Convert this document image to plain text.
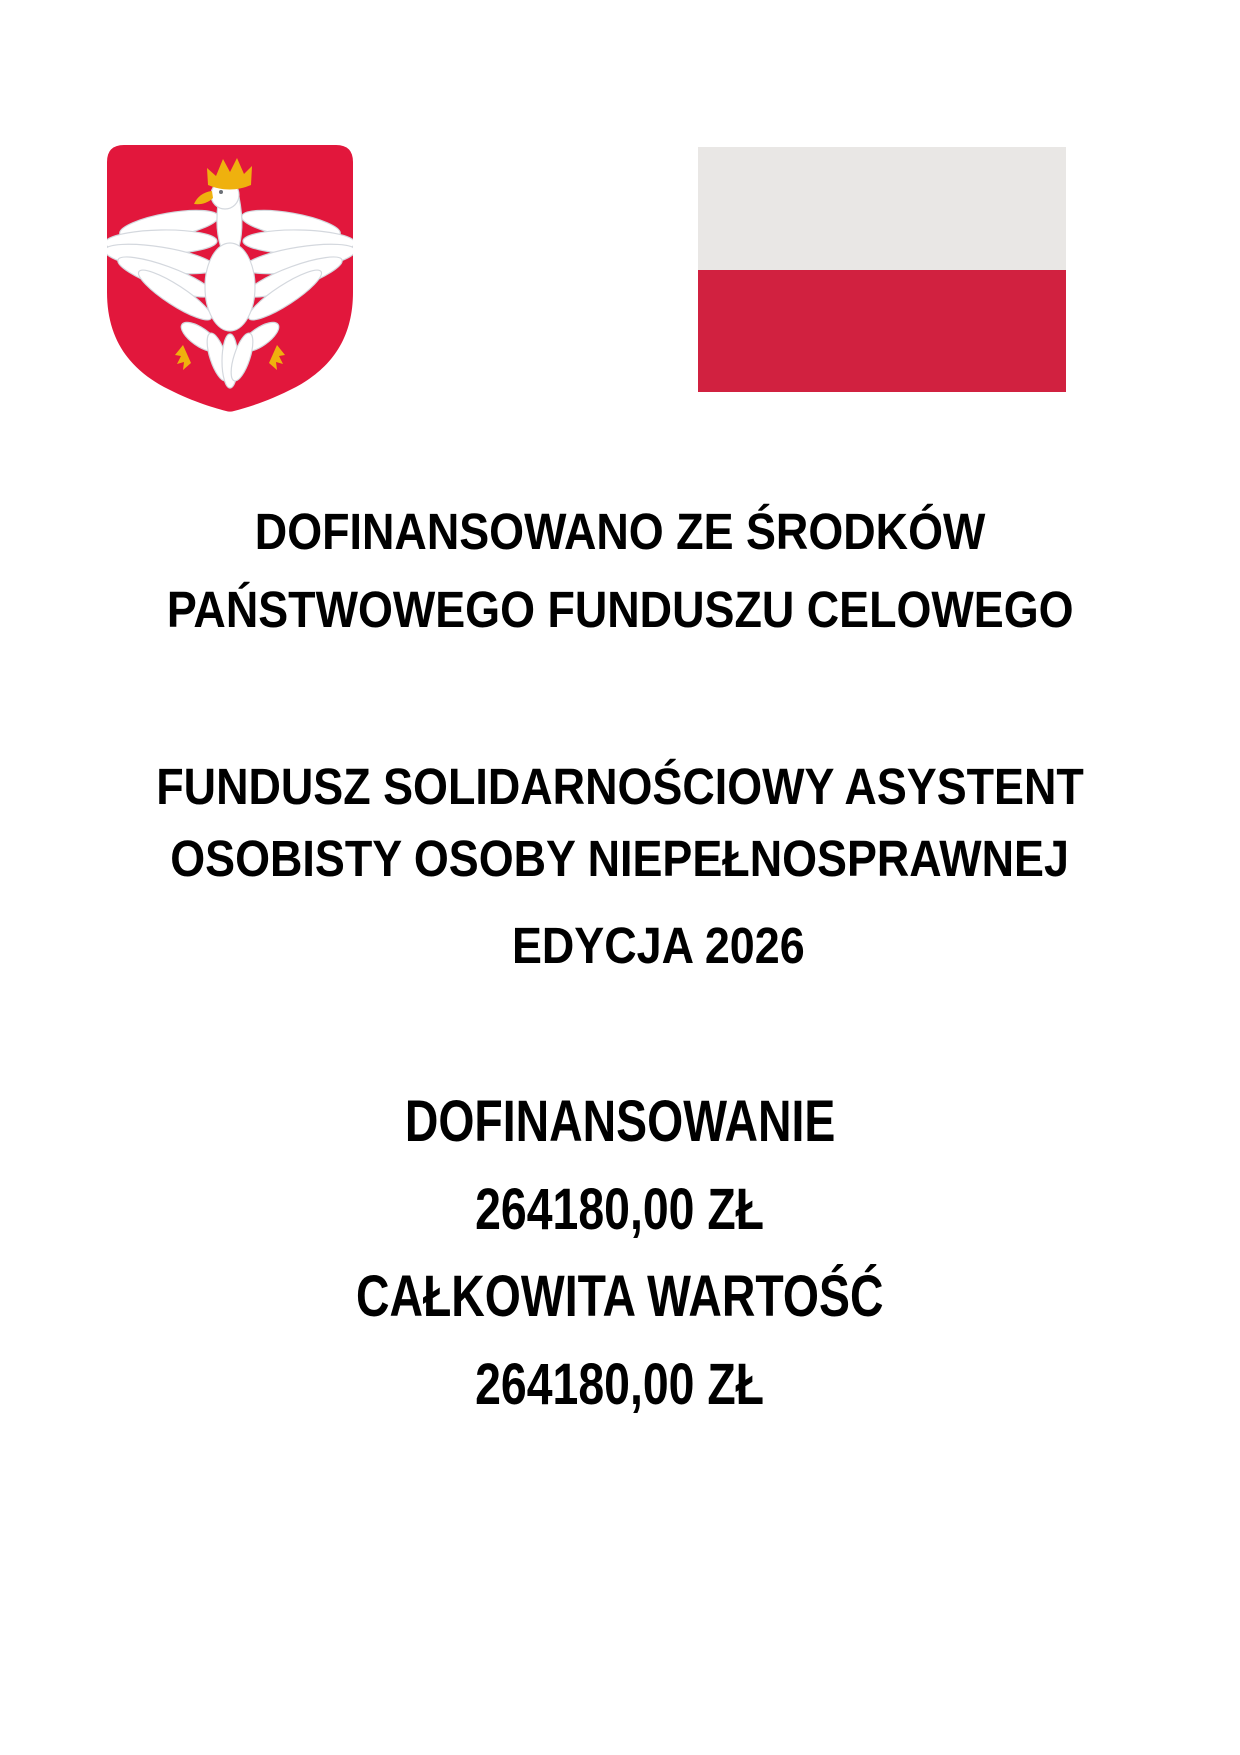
DOFINANSOWANO ZE ŚRODKÓW
PAŃSTWOWEGO FUNDUSZU CELOWEGO
FUNDUSZ SOLIDARNOŚCIOWY ASYSTENT
OSOBISTY OSOBY NIEPEŁNOSPRAWNEJ
EDYCJA 2026
DOFINANSOWANIE
264180,00 ZŁ
CAŁKOWITA WARTOŚĆ
264180,00 ZŁ
